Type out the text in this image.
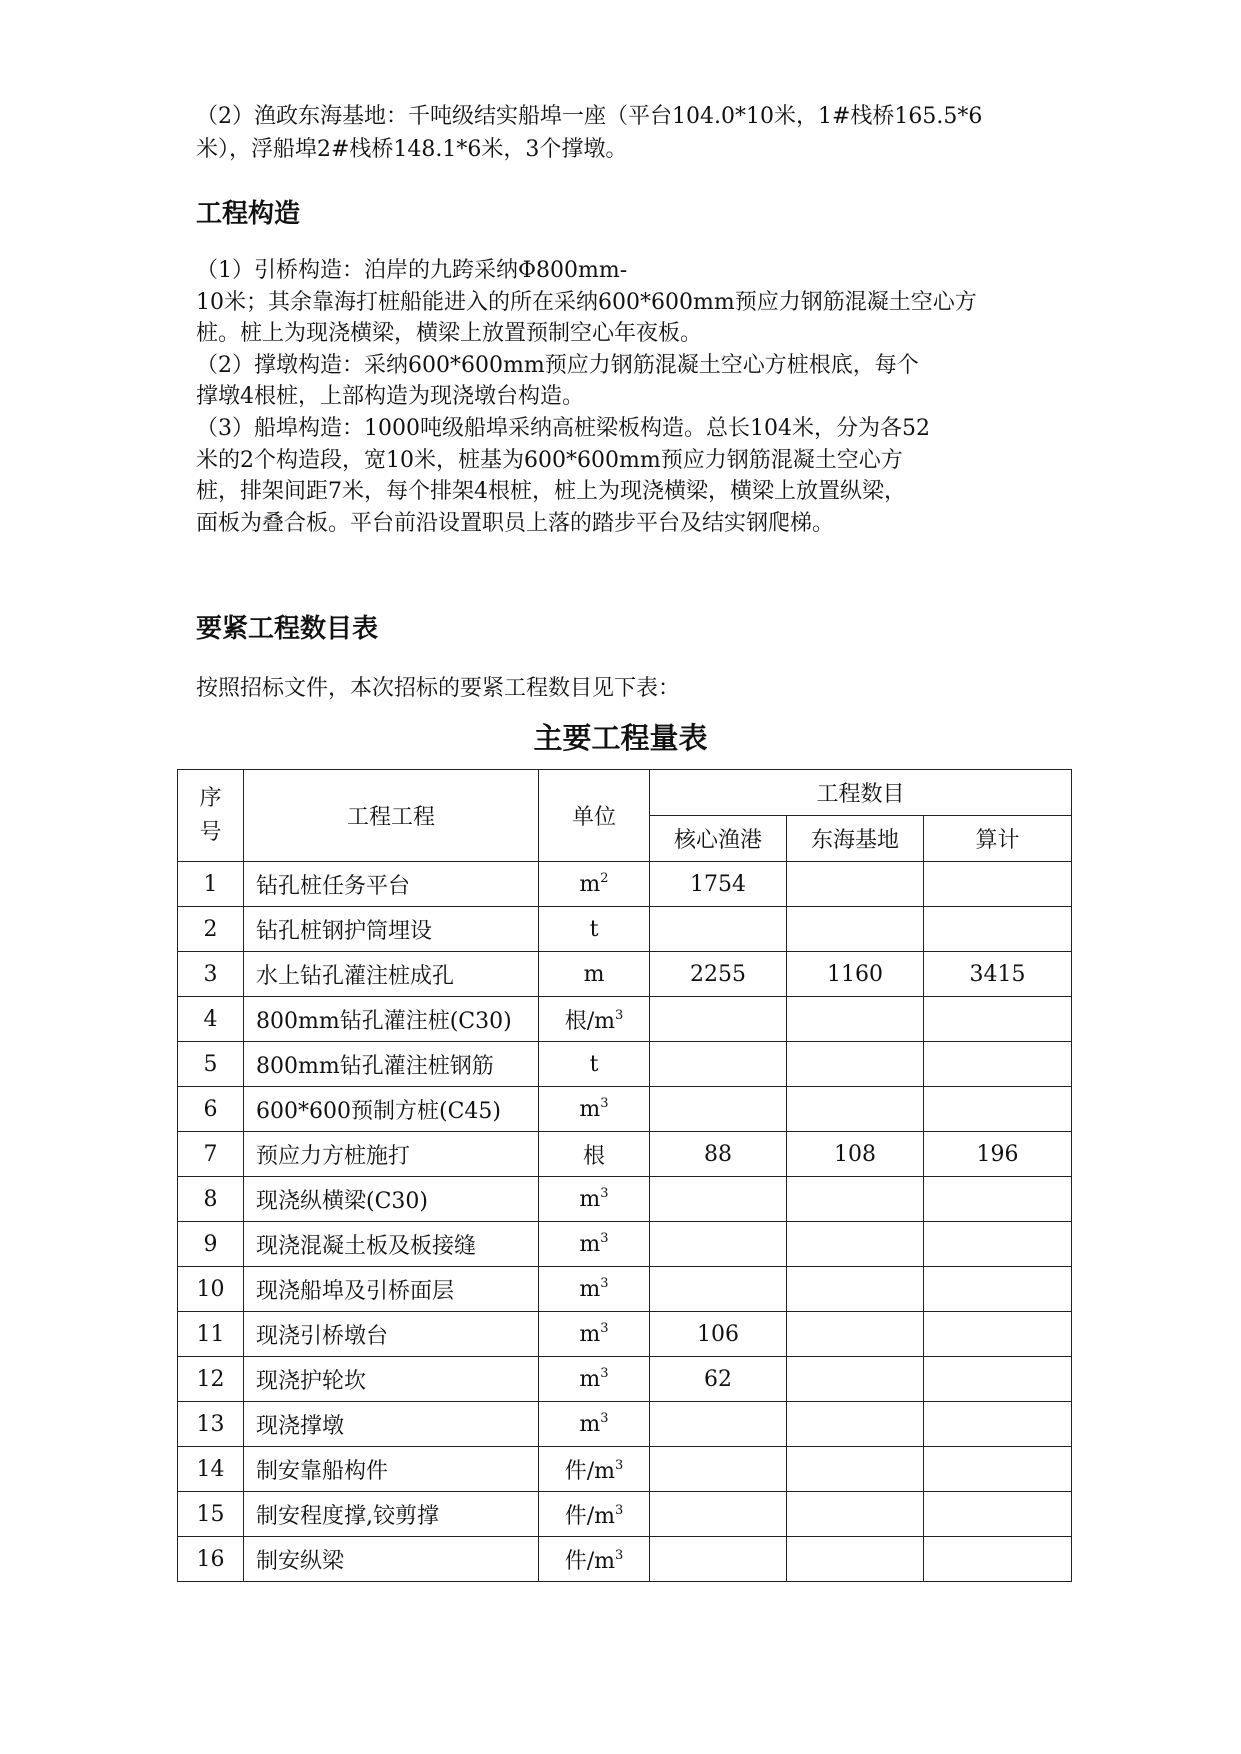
（2）渔政东海基地：千吨级结实船埠一座（平台104.0*10米，1#栈桥165.5*6
米），浮船埠2#栈桥148.1*6米，3个撑墩。
工程构造
（1）引桥构造：泊岸的九跨采纳Φ800mm-
10米；其余靠海打桩船能进入的所在采纳600*600mm预应力钢筋混凝土空心方
桩。桩上为现浇横梁，横梁上放置预制空心年夜板。
（2）撑墩构造：采纳600*600mm预应力钢筋混凝土空心方桩根底，每个
撑墩4根桩，上部构造为现浇墩台构造。
（3）船埠构造：1000吨级船埠采纳高桩梁板构造。总长104米，分为各52
米的2个构造段，宽10米，桩基为600*600mm预应力钢筋混凝土空心方
桩，排架间距7米，每个排架4根桩，桩上为现浇横梁，横梁上放置纵梁，
面板为叠合板。平台前沿设置职员上落的踏步平台及结实钢爬梯。
要紧工程数目表

按照招标文件，本次招标的要紧工程数目见下表：

主要工程量表
序号	工程工程	单位	工程数目		
			核心渔港	东海基地	算计
1	钻孔桩任务平台	$m^2$	1754		
2	钻孔桩钢护筒埋设	t			
3	水上钻孔灌注桩成孔	m	2255	1160	3415
4	800mm钻孔灌注桩(C30)	根$/m^3$			
5	800mm钻孔灌注桩钢筋	t			
6	600*600预制方桩(C45)	$m^3$			
7	预应力方桩施打	根	88	108	196
8	现浇纵横梁(C30)	$m^3$			
9	现浇混凝土板及板接缝	$m^3$			
10	现浇船埠及引桥面层	$m^3$			
11	现浇引桥墩台	$m^3$	106		
12	现浇护轮坎	$m^3$	62		
13	现浇撑墩	$m^3$			
14	制安靠船构件	件$/m^3$			
15	制安程度撑,铰剪撑	件$/m^3$			
16	制安纵梁	件$/m^3$			
